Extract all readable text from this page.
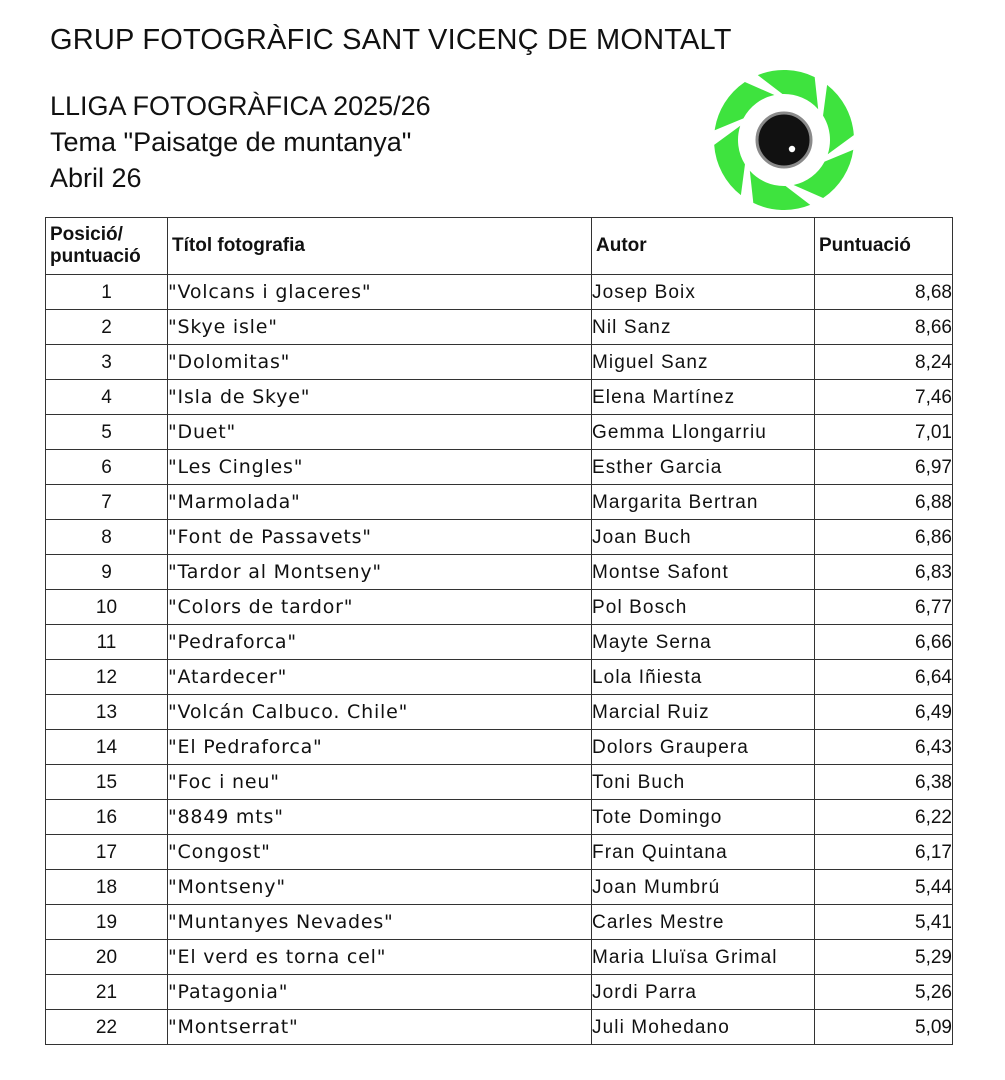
GRUP FOTOGRÀFIC SANT VICENÇ DE MONTALT
LLIGA FOTOGRÀFICA 2025/26
Tema "Paisatge de muntanya"
Abril 26
Posició/ puntuació	Títol fotografia	Autor	Puntuació
1	"Volcans i glaceres"	Josep Boix	8,68
2	"Skye isle"	Nil Sanz	8,66
3	"Dolomitas"	Miguel Sanz	8,24
4	"Isla de Skye"	Elena Martínez	7,46
5	"Duet"	Gemma Llongarriu	7,01
6	"Les Cingles"	Esther Garcia	6,97
7	"Marmolada"	Margarita Bertran	6,88
8	"Font de Passavets"	Joan Buch	6,86
9	"Tardor al Montseny"	Montse Safont	6,83
10	"Colors de tardor"	Pol Bosch	6,77
11	"Pedraforca"	Mayte Serna	6,66
12	"Atardecer"	Lola Iñiesta	6,64
13	"Volcán Calbuco. Chile"	Marcial Ruiz	6,49
14	"El Pedraforca"	Dolors Graupera	6,43
15	"Foc i neu"	Toni Buch	6,38
16	"8849 mts"	Tote Domingo	6,22
17	"Congost"	Fran Quintana	6,17
18	"Montseny"	Joan Mumbrú	5,44
19	"Muntanyes Nevades"	Carles Mestre	5,41
20	"El verd es torna cel"	Maria Lluïsa Grimal	5,29
21	"Patagonia"	Jordi Parra	5,26
22	"Montserrat"	Juli Mohedano	5,09
